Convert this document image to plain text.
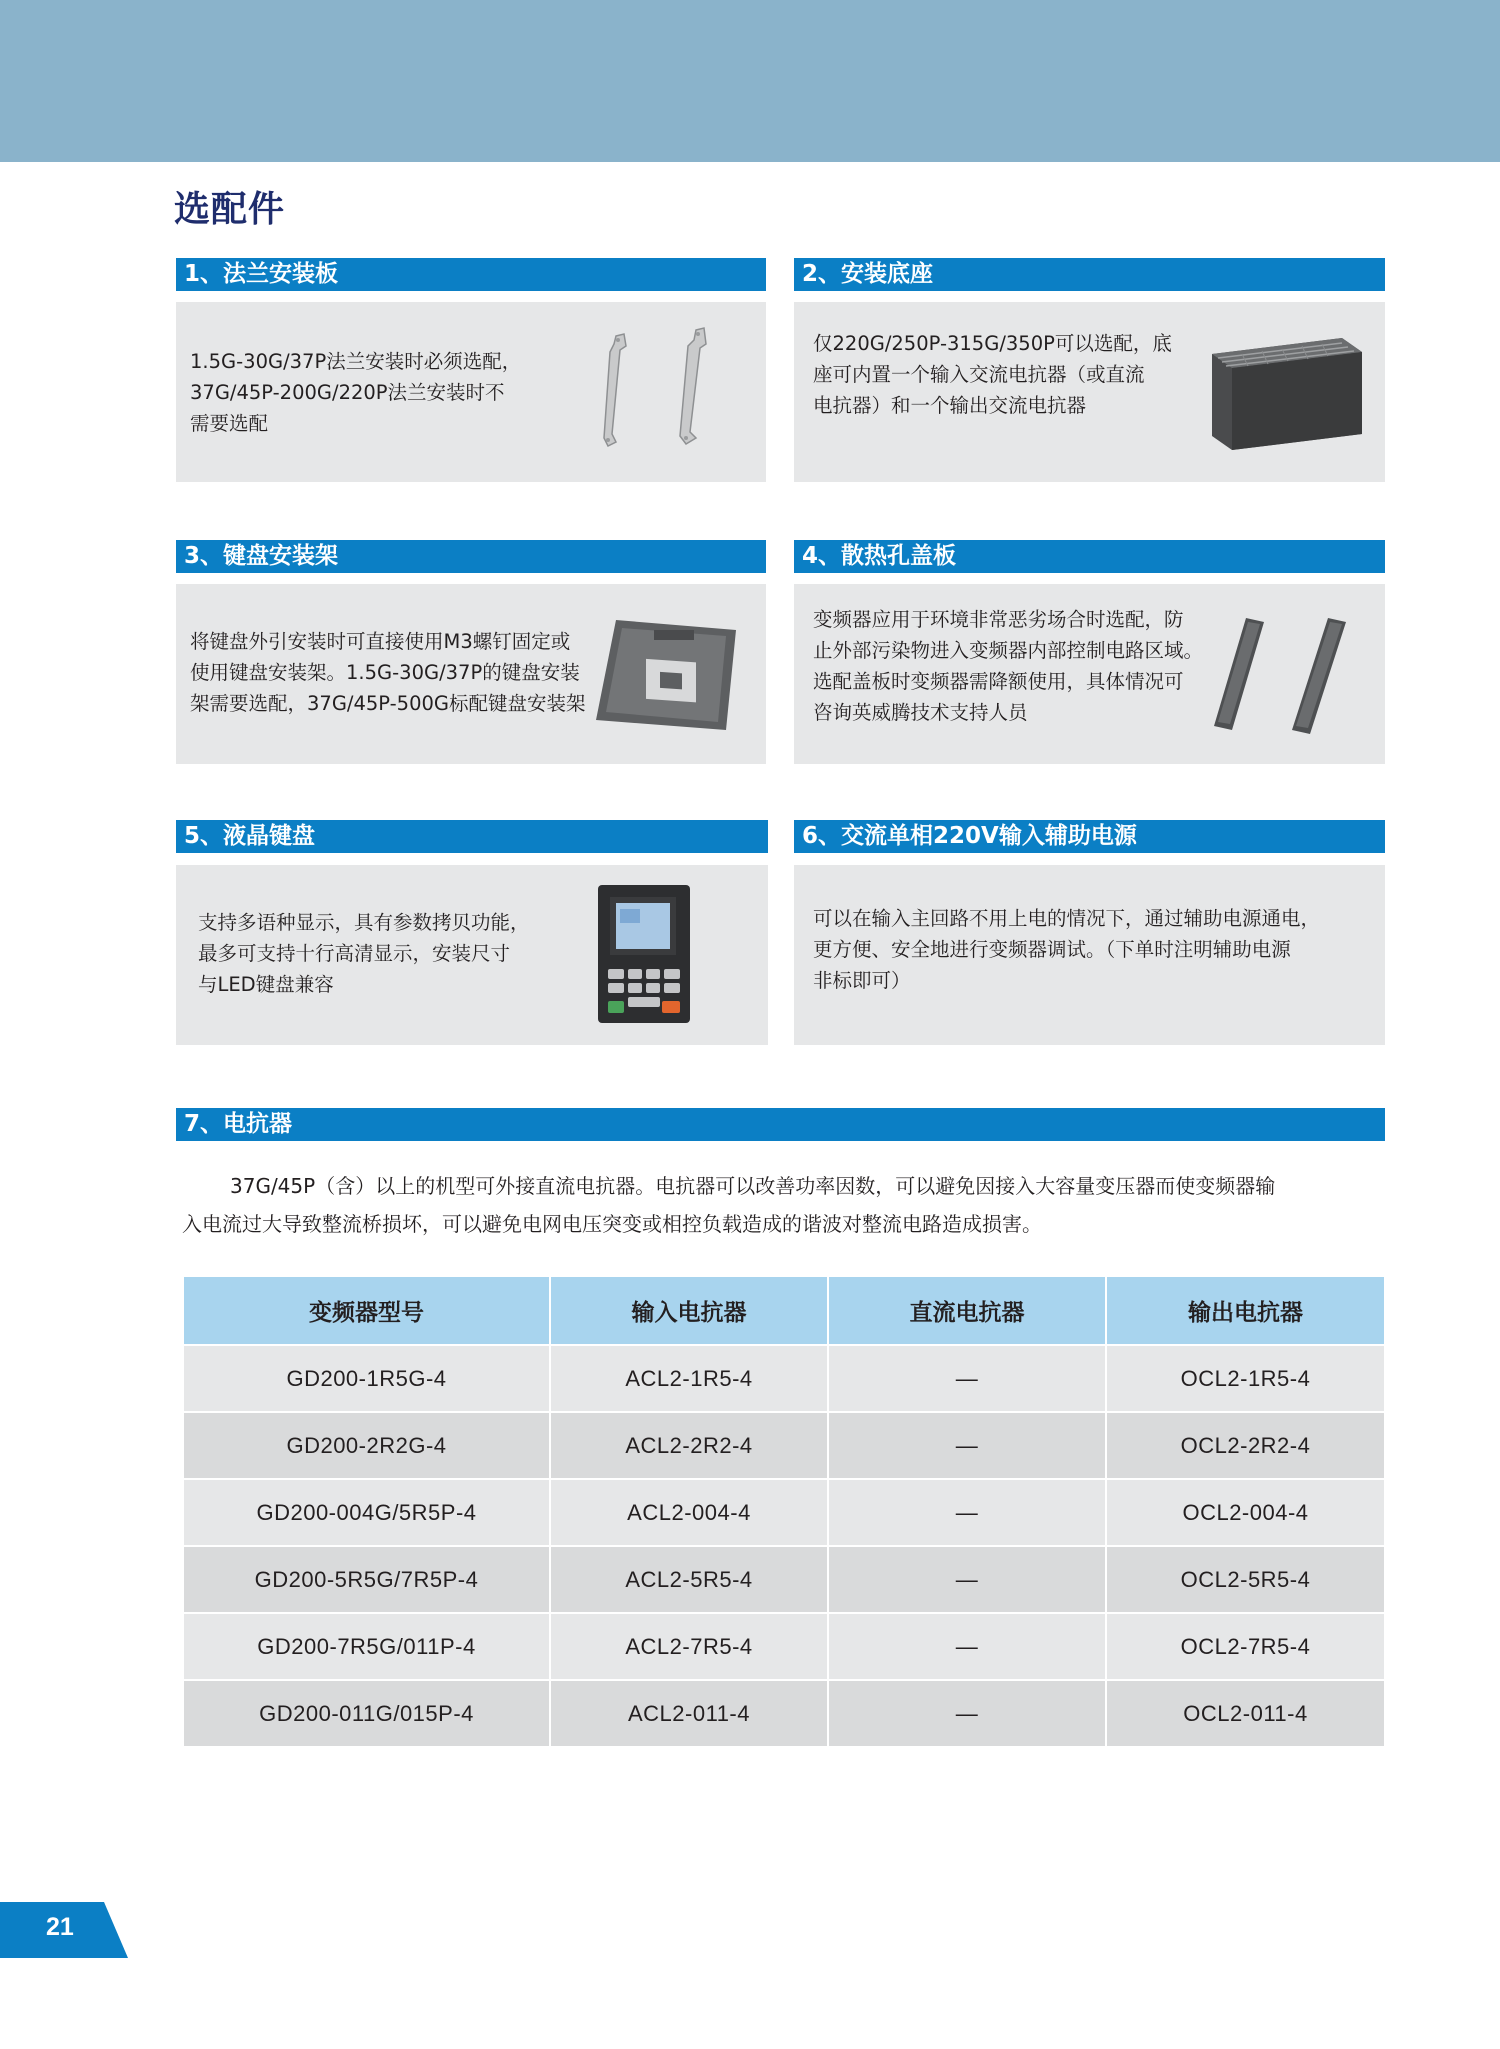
选配件
1、法兰安装板
1.5G-30G/37P法兰安装时必须选配，
37G/45P-200G/220P法兰安装时不
需要选配
2、安装底座
仅220G/250P-315G/350P可以选配，底
座可内置一个输入交流电抗器（或直流
电抗器）和一个输出交流电抗器
3、键盘安装架
将键盘外引安装时可直接使用M3螺钉固定或
使用键盘安装架。1.5G-30G/37P的键盘安装
架需要选配，37G/45P-500G标配键盘安装架
4、散热孔盖板
变频器应用于环境非常恶劣场合时选配，防
止外部污染物进入变频器内部控制电路区域。
选配盖板时变频器需降额使用，具体情况可
咨询英威腾技术支持人员
5、液晶键盘
支持多语种显示，具有参数拷贝功能，
最多可支持十行高清显示，安装尺寸
与LED键盘兼容
6、交流单相220V输入辅助电源
可以在输入主回路不用上电的情况下，通过辅助电源通电，
更方便、安全地进行变频器调试。（下单时注明辅助电源
非标即可）
7、电抗器
37G/45P（含）以上的机型可外接直流电抗器。电抗器可以改善功率因数，可以避免因接入大容量变压器而使变频器输
入电流过大导致整流桥损坏，可以避免电网电压突变或相控负载造成的谐波对整流电路造成损害。
变频器型号	输入电抗器	直流电抗器	输出电抗器
GD200-1R5G-4	ACL2-1R5-4	—	OCL2-1R5-4
GD200-2R2G-4	ACL2-2R2-4	—	OCL2-2R2-4
GD200-004G/5R5P-4	ACL2-004-4	—	OCL2-004-4
GD200-5R5G/7R5P-4	ACL2-5R5-4	—	OCL2-5R5-4
GD200-7R5G/011P-4	ACL2-7R5-4	—	OCL2-7R5-4
GD200-011G/015P-4	ACL2-011-4	—	OCL2-011-4
21
